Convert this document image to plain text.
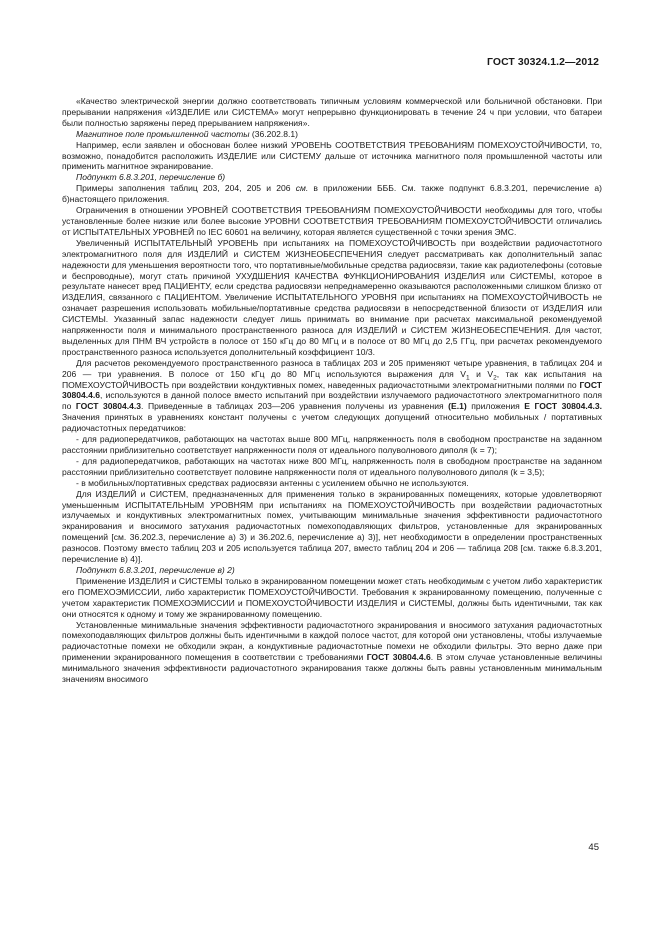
ГОСТ 30324.1.2—2012

«Качество электрической энергии должно соответствовать типичным условиям коммерческой или больничной обстановки. При прерывании напряжения «ИЗДЕЛИЕ или СИСТЕМА» могут непрерывно функционировать в течение 24 ч при условии, что батареи были полностью заряжены перед прерыванием напряжения».

Магнитное поле промышленной частоты (36.202.8.1)

Например, если заявлен и обоснован более низкий УРОВЕНЬ СООТВЕТСТВИЯ ТРЕБОВАНИЯМ ПОМЕХОУСТОЙЧИВОСТИ, то, возможно, понадобится расположить ИЗДЕЛИЕ или СИСТЕМУ дальше от источника магнитного поля промышленной частоты или применить магнитное экранирование.

Подпункт 6.8.3.201, перечисление б)

Примеры заполнения таблиц 203, 204, 205 и 206 см. в приложении БББ. См. также подпункт 6.8.3.201, перечисление а) б)настоящего приложения.

Ограничения в отношении УРОВНЕЙ СООТВЕТСТВИЯ ТРЕБОВАНИЯМ ПОМЕХОУСТОЙЧИВОСТИ необходимы для того, чтобы установленные более низкие или более высокие УРОВНИ СООТВЕТСТВИЯ ТРЕБОВАНИЯМ ПОМЕХОУСТОЙЧИВОСТИ отличались от ИСПЫТАТЕЛЬНЫХ УРОВНЕЙ по IEC 60601 на величину, которая является существенной с точки зрения ЭМС.

Увеличенный ИСПЫТАТЕЛЬНЫЙ УРОВЕНЬ при испытаниях на ПОМЕХОУСТОЙЧИВОСТЬ при воздействии радиочастотного электромагнитного поля для ИЗДЕЛИЙ и СИСТЕМ ЖИЗНЕОБЕСПЕЧЕНИЯ следует рассматривать как дополнительный запас надежности для уменьшения вероятности того, что портативные/мобильные средства радиосвязи, такие как радиотелефоны (сотовые и беспроводные), могут стать причиной УХУДШЕНИЯ КАЧЕСТВА ФУНКЦИОНИРОВАНИЯ ИЗДЕЛИЯ или СИСТЕМЫ, которое в результате нанесет вред ПАЦИЕНТУ, если средства радиосвязи непреднамеренно оказываются расположенными слишком близко от ИЗДЕЛИЯ, связанного с ПАЦИЕНТОМ. Увеличение ИСПЫТАТЕЛЬНОГО УРОВНЯ при испытаниях на ПОМЕХОУСТОЙЧИВОСТЬ не означает разрешения использовать мобильные/портативные средства радиосвязи в непосредственной близости от ИЗДЕЛИЯ или СИСТЕМЫ. Указанный запас надежности следует лишь принимать во внимание при расчетах максимальной рекомендуемой напряженности поля и минимального пространственного разноса для ИЗДЕЛИЙ и СИСТЕМ ЖИЗНЕОБЕСПЕЧЕНИЯ. Для частот, выделенных для ПНМ ВЧ устройств в полосе от 150 кГц до 80 МГц и в полосе от 80 МГц до 2,5 ГГц, при расчетах рекомендуемого пространственного разноса используется дополнительный коэффициент 10/3.

Для расчетов рекомендуемого пространственного разноса в таблицах 203 и 205 применяют четыре уравнения, в таблицах 204 и 206 — три уравнения. В полосе от 150 кГц до 80 МГц используются выражения для $V_1$ и $V_2$, так как испытания на ПОМЕХОУСТОЙЧИВОСТЬ при воздействии кондуктивных помех, наведенных радиочастотными электромагнитными полями по ГОСТ 30804.4.6, используются в данной полосе вместо испытаний при воздействии излучаемого радиочастотного электромагнитного поля по ГОСТ 30804.4.3. Приведенные в таблицах 203—206 уравнения получены из уравнения (Е.1) приложения Е ГОСТ 30804.4.3. Значения принятых в уравнениях констант получены с учетом следующих допущений относительно мобильных / портативных радиочастотных передатчиков:

- для радиопередатчиков, работающих на частотах выше 800 МГц, напряженность поля в свободном пространстве на заданном расстоянии приблизительно соответствует напряженности поля от идеального полуволнового диполя (k = 7);

- для радиопередатчиков, работающих на частотах ниже 800 МГц, напряженность поля в свободном пространстве на заданном расстоянии приблизительно соответствует половине напряженности поля от идеального полуволнового диполя (k = 3,5);

- в мобильных/портативных средствах радиосвязи антенны с усилением обычно не используются.

Для ИЗДЕЛИЙ и СИСТЕМ, предназначенных для применения только в экранированных помещениях, которые удовлетворяют уменьшенным ИСПЫТАТЕЛЬНЫМ УРОВНЯМ при испытаниях на ПОМЕХОУСТОЙЧИВОСТЬ при воздействии радиочастотных излучаемых и кондуктивных электромагнитных помех, учитывающим минимальные значения эффективности радиочастотного экранирования и вносимого затухания радиочастотных помехоподавляющих фильтров, установленные для экранированных помещений [см. 36.202.3, перечисление а) 3) и 36.202.6, перечисление а) 3)], нет необходимости в определении пространственных разносов. Поэтому вместо таблиц 203 и 205 используется таблица 207, вместо таблиц 204 и 206 — таблица 208 [см. также 6.8.3.201, перечисление в) 4)].

Подпункт 6.8.3.201, перечисление в) 2)

Применение ИЗДЕЛИЯ и СИСТЕМЫ только в экранированном помещении может стать необходимым с учетом либо характеристик его ПОМЕХОЭМИССИИ, либо характеристик ПОМЕХОУСТОЙЧИВОСТИ. Требования к экранированному помещению, полученные с учетом характеристик ПОМЕХОЭМИССИИ и ПОМЕХОУСТОЙЧИВОСТИ ИЗДЕЛИЯ и СИСТЕМЫ, должны быть идентичными, так как они относятся к одному и тому же экранированному помещению.

Установленные минимальные значения эффективности радиочастотного экранирования и вносимого затухания радиочастотных помехоподавляющих фильтров должны быть идентичными в каждой полосе частот, для которой они установлены, чтобы излучаемые радиочастотные помехи не обходили экран, а кондуктивные радиочастотные помехи не обходили фильтры. Это верно даже при применении экранированного помещения в соответствии с требованиями ГОСТ 30804.4.6. В этом случае установленные величины минимального значения эффективности радиочастотного экранирования также должны быть равны установленным минимальным значениям вносимого

45
